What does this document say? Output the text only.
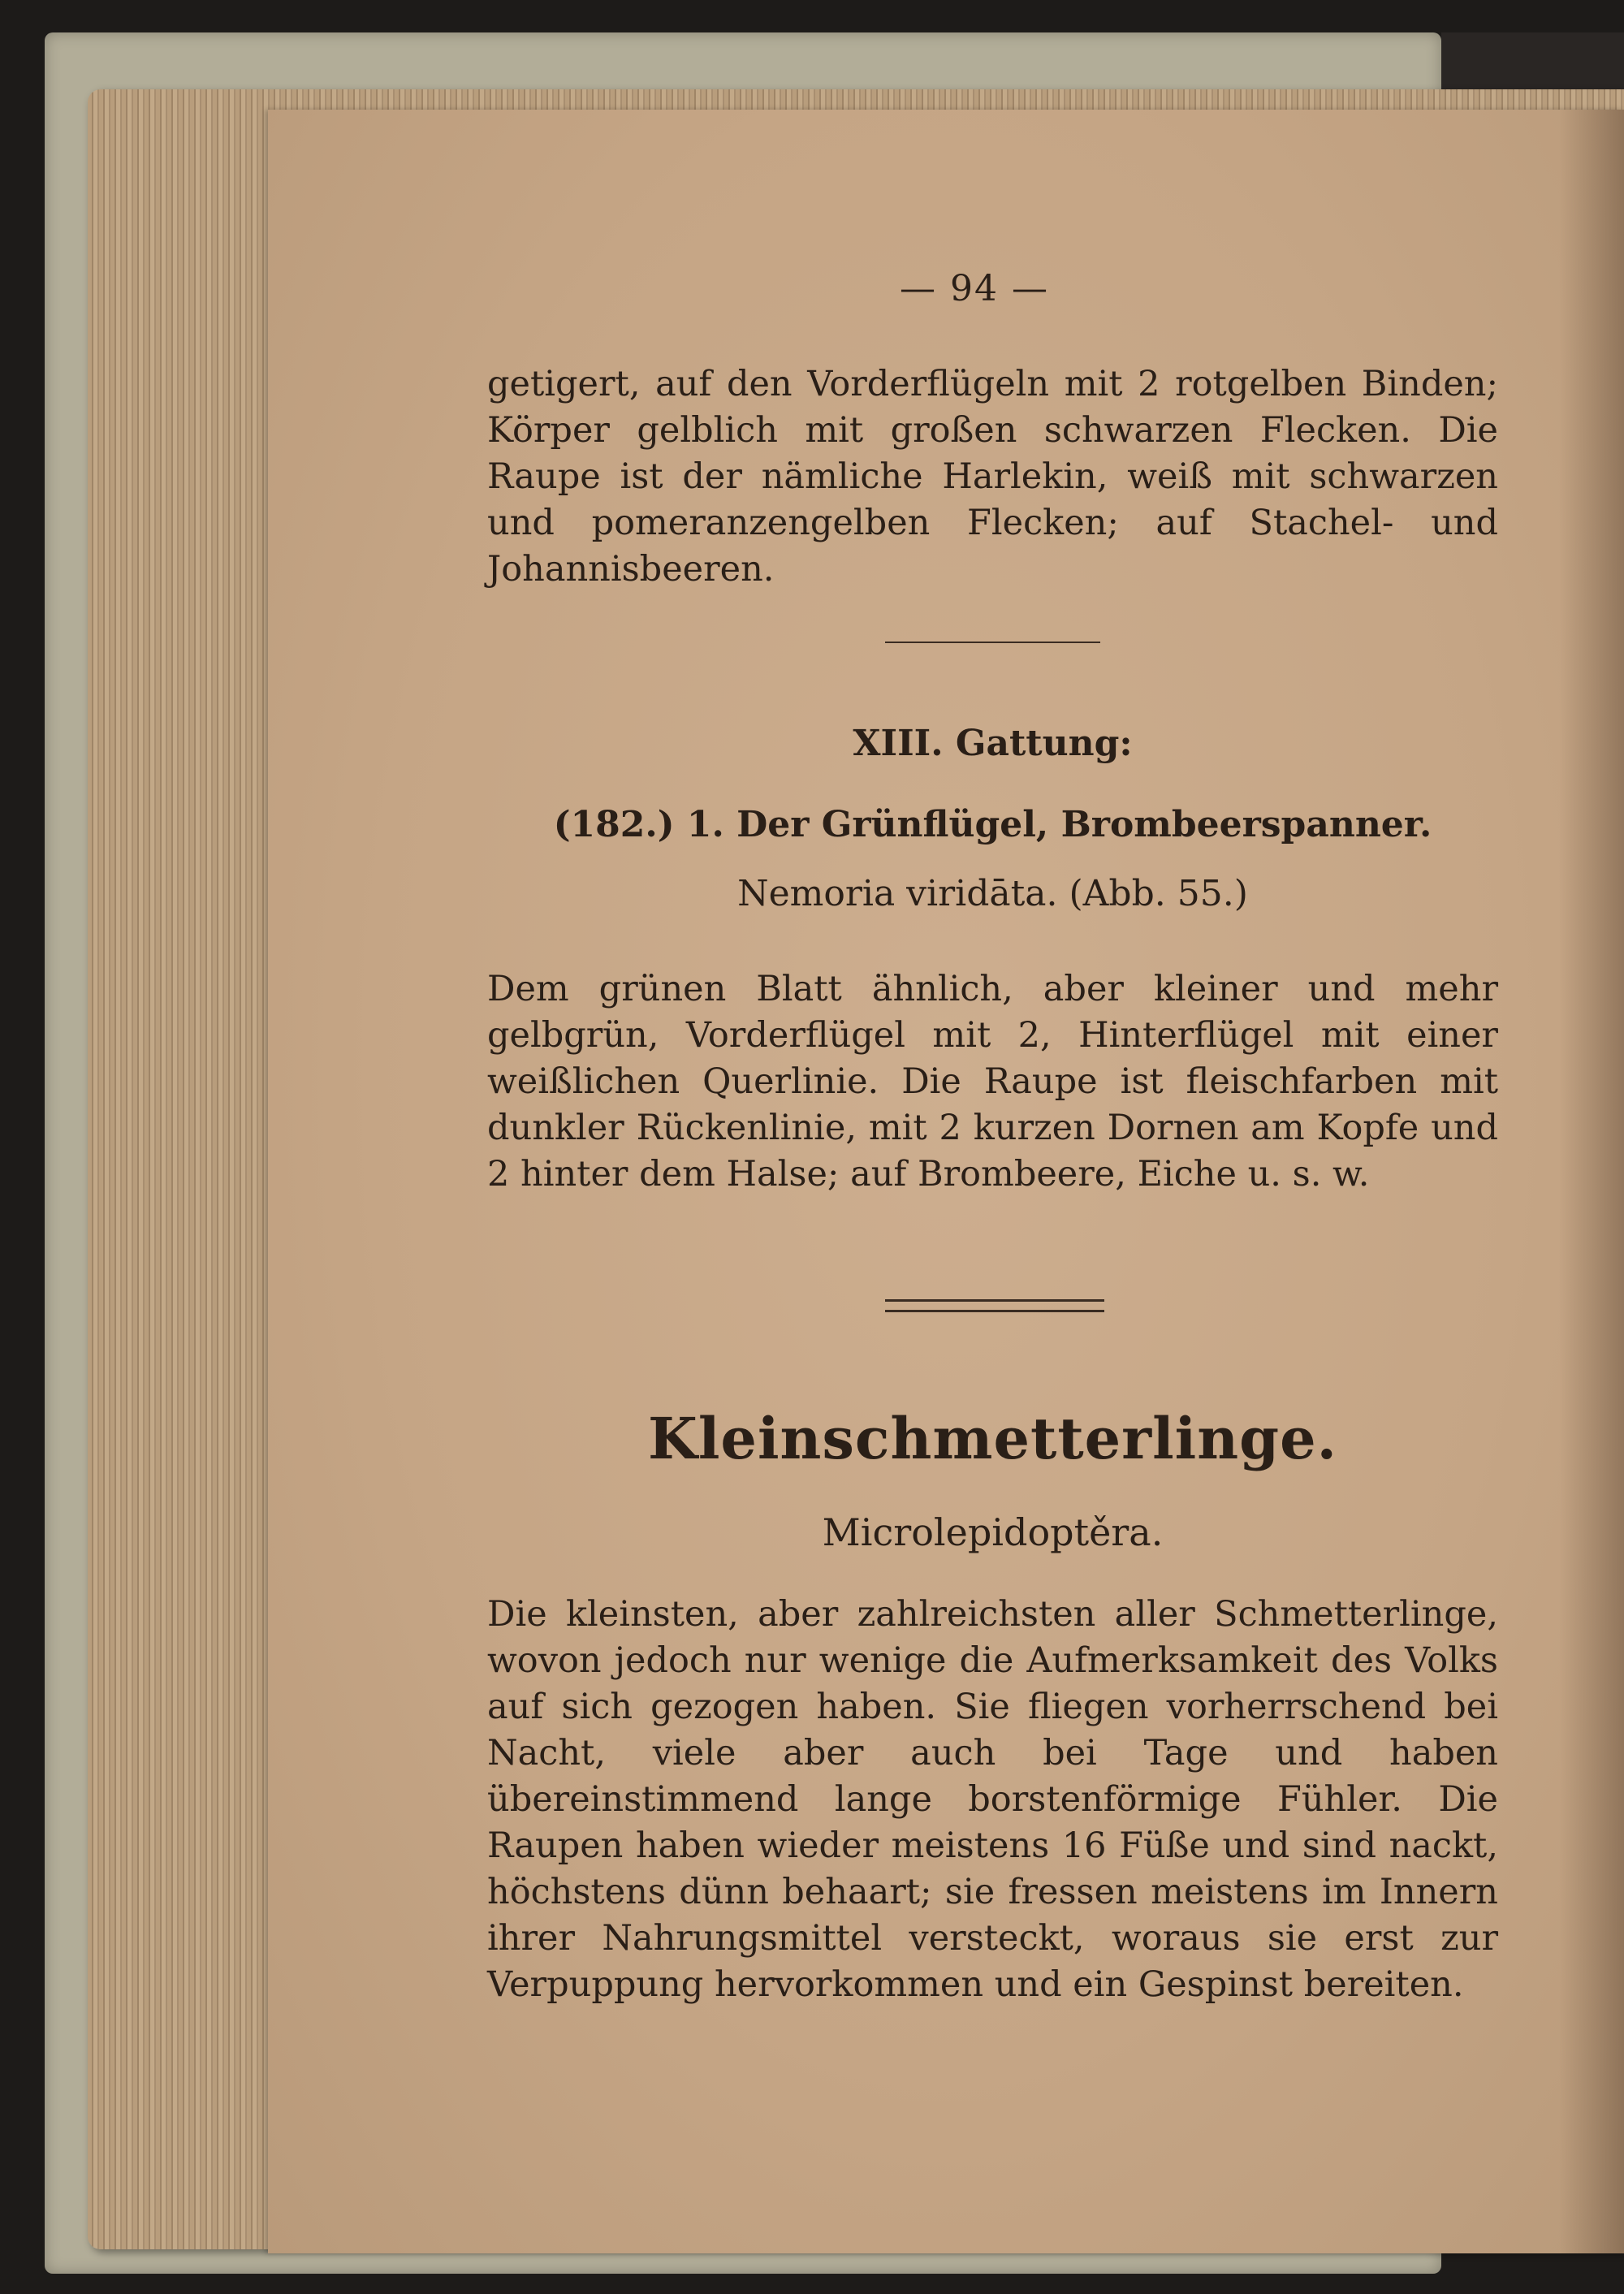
— 94 —
getigert, auf den Vorderflügeln mit 2 rotgelben Binden; Körper gelblich mit großen schwarzen Flecken. Die Raupe ist der nämliche Harlekin, weiß mit schwarzen und pomeranzengelben Flecken; auf Stachel- und Johannisbeeren.
XIII. Gattung:
(182.) 1. Der Grünflügel, Brombeerspanner.
Nemoria viridāta. (Abb. 55.)
Dem grünen Blatt ähnlich, aber kleiner und mehr gelbgrün, Vorderflügel mit 2, Hinterflügel mit einer weißlichen Querlinie. Die Raupe ist fleischfarben mit dunkler Rückenlinie, mit 2 kurzen Dornen am Kopfe und 2 hinter dem Halse; auf Brombeere, Eiche u. s. w.
Kleinschmetterlinge.
Microlepidoptěra.
Die kleinsten, aber zahlreichsten aller Schmetterlinge, wovon jedoch nur wenige die Aufmerksamkeit des Volks auf sich gezogen haben. Sie fliegen vorherrschend bei Nacht, viele aber auch bei Tage und haben übereinstimmend lange borstenförmige Fühler. Die Raupen haben wieder meistens 16 Füße und sind nackt, höchstens dünn behaart; sie fressen meistens im Innern ihrer Nahrungsmittel versteckt, woraus sie erst zur Verpuppung hervorkommen und ein Gespinst bereiten.
